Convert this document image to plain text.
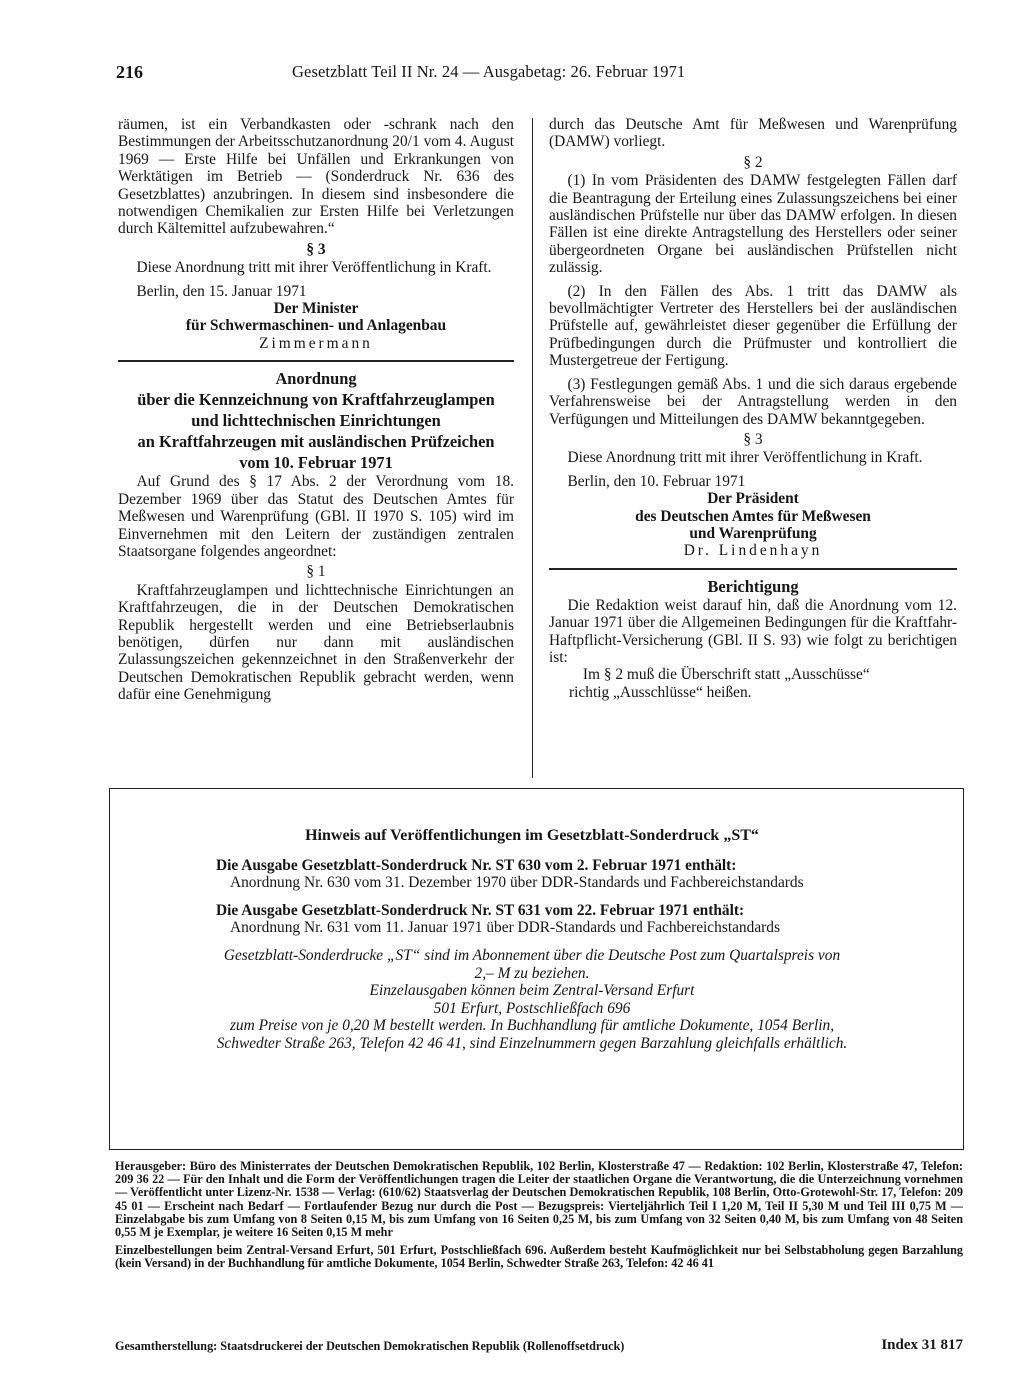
216	Gesetzblatt Teil II Nr. 24 — Ausgabetag: 26. Februar 1971

räumen, ist ein Verbandkasten oder -schrank nach den Bestimmungen der Arbeitsschutzanordnung 20/1 vom 4. August 1969 — Erste Hilfe bei Unfällen und Erkrankungen von Werktätigen im Betrieb — (Sonderdruck Nr. 636 des Gesetzblattes) anzubringen. In diesem sind insbesondere die notwendigen Chemikalien zur Ersten Hilfe bei Verletzungen durch Kältemittel aufzubewahren.“

§ 3

Diese Anordnung tritt mit ihrer Veröffentlichung in Kraft.

Berlin, den 15. Januar 1971

Der Minister

für Schwermaschinen- und Anlagenbau

Zimmermann

Anordnung

über die Kennzeichnung von Kraftfahrzeuglampen

und lichttechnischen Einrichtungen

an Kraftfahrzeugen mit ausländischen Prüfzeichen

vom 10. Februar 1971

Auf Grund des § 17 Abs. 2 der Verordnung vom 18. Dezember 1969 über das Statut des Deutschen Amtes für Meßwesen und Warenprüfung (GBl. II 1970 S. 105) wird im Einvernehmen mit den Leitern der zuständigen zentralen Staatsorgane folgendes angeordnet:

§ 1

Kraftfahrzeuglampen und lichttechnische Einrichtungen an Kraftfahrzeugen, die in der Deutschen Demokratischen Republik hergestellt werden und eine Betriebserlaubnis benötigen, dürfen nur dann mit ausländischen Zulassungszeichen gekennzeichnet in den Straßenverkehr der Deutschen Demokratischen Republik gebracht werden, wenn dafür eine Genehmigung

durch das Deutsche Amt für Meßwesen und Warenprüfung (DAMW) vorliegt.

§ 2

(1) In vom Präsidenten des DAMW festgelegten Fällen darf die Beantragung der Erteilung eines Zulassungszeichens bei einer ausländischen Prüfstelle nur über das DAMW erfolgen. In diesen Fällen ist eine direkte Antragstellung des Herstellers oder seiner übergeordneten Organe bei ausländischen Prüfstellen nicht zulässig.

(2) In den Fällen des Abs. 1 tritt das DAMW als bevollmächtigter Vertreter des Herstellers bei der ausländischen Prüfstelle auf, gewährleistet dieser gegenüber die Erfüllung der Prüfbedingungen durch die Prüfmuster und kontrolliert die Mustergetreue der Fertigung.

(3) Festlegungen gemäß Abs. 1 und die sich daraus ergebende Verfahrensweise bei der Antragstellung werden in den Verfügungen und Mitteilungen des DAMW bekanntgegeben.

§ 3

Diese Anordnung tritt mit ihrer Veröffentlichung in Kraft.

Berlin, den 10. Februar 1971

Der Präsident

des Deutschen Amtes für Meßwesen

und Warenprüfung

Dr. Lindenhayn

Berichtigung

Die Redaktion weist darauf hin, daß die Anordnung vom 12. Januar 1971 über die Allgemeinen Bedingungen für die Kraftfahr-Haftpflicht-Versicherung (GBl. II S. 93) wie folgt zu berichtigen ist:

Im § 2 muß die Überschrift statt „Ausschüsse“

richtig „Ausschlüsse“ heißen.

Hinweis auf Veröffentlichungen im Gesetzblatt-Sonderdruck „ST“

Die Ausgabe Gesetzblatt-Sonderdruck Nr. ST 630 vom 2. Februar 1971 enthält:

Anordnung Nr. 630 vom 31. Dezember 1970 über DDR-Standards und Fachbereichstandards

Die Ausgabe Gesetzblatt-Sonderdruck Nr. ST 631 vom 22. Februar 1971 enthält:

Anordnung Nr. 631 vom 11. Januar 1971 über DDR-Standards und Fachbereichstandards

Gesetzblatt-Sonderdrucke „ST“ sind im Abonnement über die Deutsche Post zum Quartalspreis von 2,– M zu beziehen.

Einzelausgaben können beim Zentral-Versand Erfurt

501 Erfurt, Postschließfach 696

zum Preise von je 0,20 M bestellt werden. In Buchhandlung für amtliche Dokumente, 1054 Berlin, Schwedter Straße 263, Telefon 42 46 41, sind Einzelnummern gegen Barzahlung gleichfalls erhältlich.

Herausgeber: Büro des Ministerrates der Deutschen Demokratischen Republik, 102 Berlin, Klosterstraße 47 — Redaktion: 102 Berlin, Klosterstraße 47, Telefon: 209 36 22 — Für den Inhalt und die Form der Veröffentlichungen tragen die Leiter der staatlichen Organe die Verantwortung, die die Unterzeichnung vornehmen — Veröffentlicht unter Lizenz-Nr. 1538 — Verlag: (610/62) Staatsverlag der Deutschen Demokratischen Republik, 108 Berlin, Otto-Grotewohl-Str. 17, Telefon: 209 45 01 — Erscheint nach Bedarf — Fortlaufender Bezug nur durch die Post — Bezugspreis: Vierteljährlich Teil I 1,20 M, Teil II 5,30 M und Teil III 0,75 M — Einzelabgabe bis zum Umfang von 8 Seiten 0,15 M, bis zum Umfang von 16 Seiten 0,25 M, bis zum Umfang von 32 Seiten 0,40 M, bis zum Umfang von 48 Seiten 0,55 M je Exemplar, je weitere 16 Seiten 0,15 M mehr

Einzelbestellungen beim Zentral-Versand Erfurt, 501 Erfurt, Postschließfach 696. Außerdem besteht Kaufmöglichkeit nur bei Selbstabholung gegen Barzahlung (kein Versand) in der Buchhandlung für amtliche Dokumente, 1054 Berlin, Schwedter Straße 263, Telefon: 42 46 41

Gesamtherstellung: Staatsdruckerei der Deutschen Demokratischen Republik (Rollenoffsetdruck)	Index 31 817
